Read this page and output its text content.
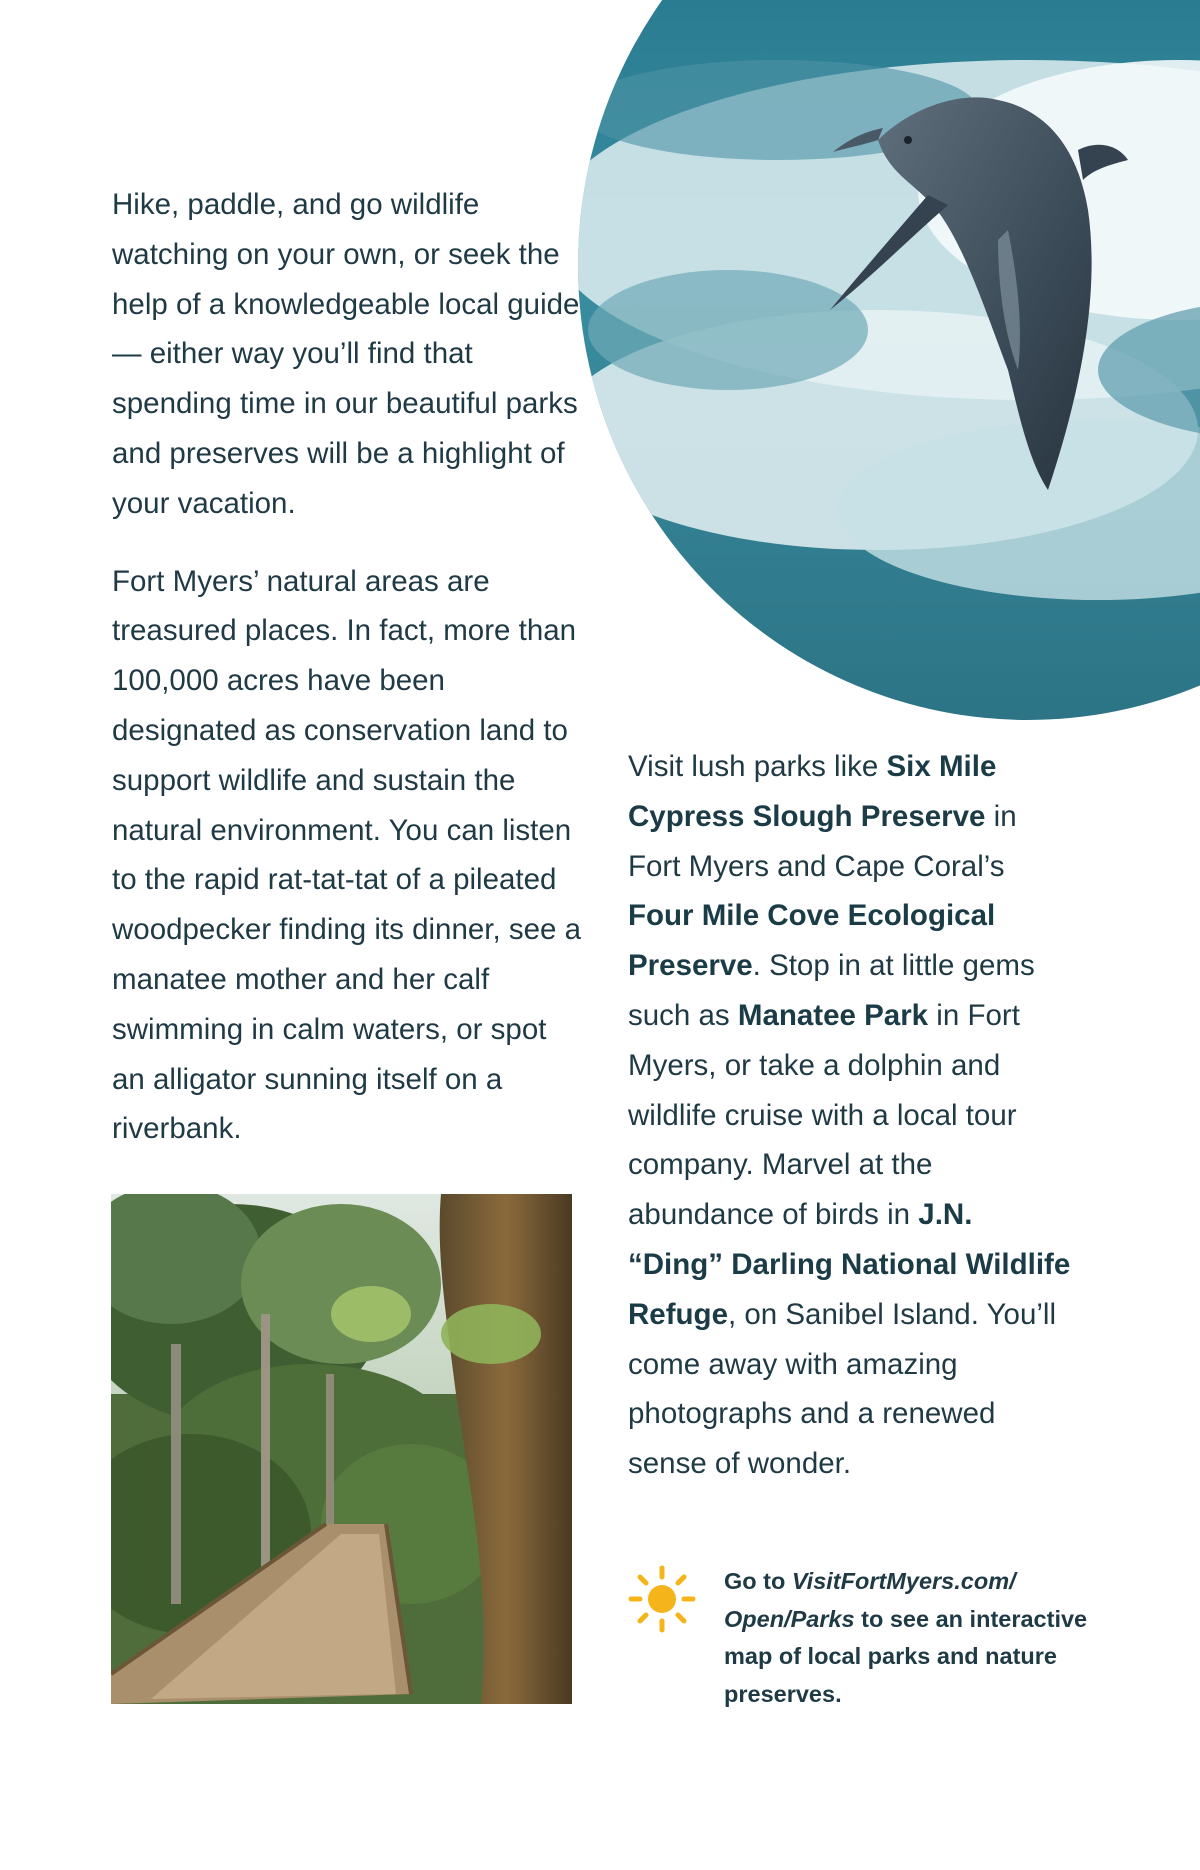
Hike, paddle, and go wildlife watching on your own, or seek the help of a knowledgeable local guide — either way you’ll find that spending time in our beautiful parks and preserves will be a highlight of your vacation.

Fort Myers’ natural areas are treasured places. In fact, more than 100,000 acres have been designated as conservation land to support wildlife and sustain the natural environment. You can listen to the rapid rat-tat-tat of a pileated woodpecker finding its dinner, see a manatee mother and her calf swimming in calm waters, or spot an alligator sunning itself on a riverbank.

Visit lush parks like Six Mile Cypress Slough Preserve in Fort Myers and Cape Coral’s Four Mile Cove Ecological Preserve. Stop in at little gems such as Manatee Park in Fort Myers, or take a dolphin and wildlife cruise with a local tour company. Marvel at the abundance of birds in J.N. “Ding” Darling National Wildlife Refuge, on Sanibel Island. You’ll come away with amazing photographs and a renewed sense of wonder.

Go to VisitFortMyers.com/ Open/Parks to see an interactive map of local parks and nature preserves.
